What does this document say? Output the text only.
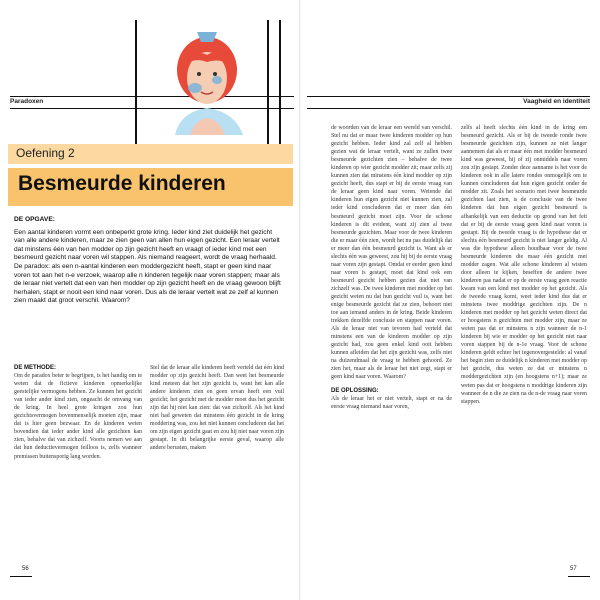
Paradoxen	Vaagheid en identiteit
Oefening 2
Besmeurde kinderen
DE OPGAVE:
Een aantal kinderen vormt een onbeperkt grote kring. Ieder kind ziet duidelijk het gezicht van alle andere kinderen, maar ze zien geen van allen hun eigen gezicht. Een leraar vertelt dat minstens één van hen modder op zijn gezicht heeft en vraagt of ieder kind met een besmeurd gezicht naar voren wil stappen. Als niemand reageert, wordt de vraag herhaald. De paradox: als een n-aantal kinderen een moddergezicht heeft, stapt er geen kind naar voren tot aan het n-e verzoek, waarop alle n kinderen tegelijk naar voren stappen; maar als de leraar niet vertelt dat een van hen modder op zijn gezicht heeft en de vraag gewoon blijft herhalen, stapt er nooit een kind naar voren. Dus als de leraar vertelt wat ze zelf al kunnen zien maakt dat groot verschil. Waarom?
DE METHODE:
Om de paradox beter te begrijpen, is het handig om te weten dat de fictieve kinderen opmerkelijke geestelijke vermogens hebben. Ze kunnen het gezicht van ieder ander kind zien, ongeacht de omvang van de kring. In heel grote kringen zou hun gezichtsvermogen bovenmenselijk moeten zijn, maar dat is hier geen bezwaar. En de kinderen weten bovendien dat ieder ander kind alle gezichten kan zien, behalve dat van zichzelf. Voorts nemen we aan dat hun deductievermogen feilloos is, zelfs wanneer premissen buitensporig lang worden.
Stel dat de leraar alle kinderen heeft verteld dat één kind modder op zijn gezicht heeft. Dan weet het besmeurde kind meteen dat het zijn gezicht is, want het kan alle andere kinderen zien en geen ervan heeft een vuil gezicht; het gezicht met de modder moet dus het gezicht zijn dat hij niet kan zien: dat van zichzelf. Als het kind niet had geweten dat minstens één gezicht in de kring moddering was, zou het niet kunnen concluderen dat het om zijn eigen gezicht gaat en zou hij niet naar voren zijn gestapt. In dit belangrijke eerste geval, waarop alle andere berusten, maken
de woorden van de leraar een wereld van verschil. Stel nu dat er maar twee kinderen modder op hun gezicht hebben. Ieder kind zal zelf al hebben gezien wat de leraar vertelt, want ze zullen twee besmeurde gezichten zien – behalve de twee kinderen op wier gezicht modder zit; maar zelfs zij kunnen zien dat minstens één kind modder op zijn gezicht heeft, dus stapt er bij de eerste vraag van de leraar geen kind naar voren. Wetende dat kinderen hun eigen gezicht niet kunnen zien, zal ieder kind concluderen dat er meer dan één besmeurd gezicht moet zijn. Voor de schone kinderen is dit evident, want zij zien al twee besmeurde gezichten. Maar voor de twee kinderen die er maar één zien, wordt het nu pas duidelijk dat er meer dan één besmeurd gezicht is. Want als er slechts één was geweest, zou hij bij de eerste vraag naar voren zijn gestapt. Omdat er eerder geen kind naar voren is gestapt, moet dat kind ook een besmeurd gezicht hebben gezien dat niet van zichzelf was. De twee kinderen met modder op het gezicht weten nu dat hun gezicht vuil is, want het enige besmeurde gezicht dat ze zien, behoort niet toe aan iemand anders in de kring. Beide kinderen trekken dezelfde conclusie en stappen naar voren. Als de leraar niet van tevoren had verteld dat minstens een van de kinderen modder op zijn gezicht had, zou geen enkel kind ooit hebben kunnen afleiden dat het zijn gezicht was, zelfs niet na duizendmaal de vraag te hebben gehoord. Ze zien het, maar als de leraar het niet zegt, stapt er geen kind naar voren. Waarom?
DE OPLOSSING:
Als de leraar het er niet vertelt, stapt er na de eerste vraag niemand naar voren,
zelfs al heeft slechts één kind in de kring een besmeurd gezicht. Als er bij de tweede ronde twee besmeurde gezichten zijn, kunnen ze niet langer aannemen dat als er maar één met modder besmeurd kind was geweest, hij of zij onmiddels naar voren zou zijn gestapt. Zonder deze aanname is het voor de kinderen ook in alle latere rondes onmogelijk om te kunnen concluderen dat hun eigen gezicht onder de modder zit. Zoals het scenario met twee besmeurde gezichten laat zien, is de conclusie van de twee kinderen dat hun eigen gezicht besmeurd is afhankelijk van een deductie op grond van het feit dat er bij de eerste vraag geen kind naar voren is gestapt. Bij de tweede vraag is de hypothese dat er slechts één besmeurd gezicht is niet langer geldig. Al was die hypothese alleen houdbaar voor de twee besmeurde kinderen die maar één gezicht met modder zagen. Wat alle schone kinderen al wisten door alleen te kijken, beseffen de andere twee kinderen pas nadat er op de eerste vraag geen reactie kwam van een kind met modder op het gezicht. Als de tweede vraag komt, weet ieder kind dus dat er minstens twee moddrige gezichten zijn. De n kinderen met modder op het gezicht weten direct dat er hoogstens n gezichten met modder zijn, maar ze weten pas dat er minstens n zijn wanneer de n-1 kinderen bij wie er modder op het gezicht niet naar voren stappen bij de n-1e vraag. Voor de schone kinderen geldt echter het tegenovergestelde: al vanaf het begin zien ze duidelijk n kinderen met modder op het gezicht, dus weten ze dat er minstens n moddergezichten zijn (en hoogstens n+1); maar ze weten pas dat er hoogstens n moddrige kinderen zijn wanneer de n die ze zien na de n-de vraag naar voren stappen.
56	57
